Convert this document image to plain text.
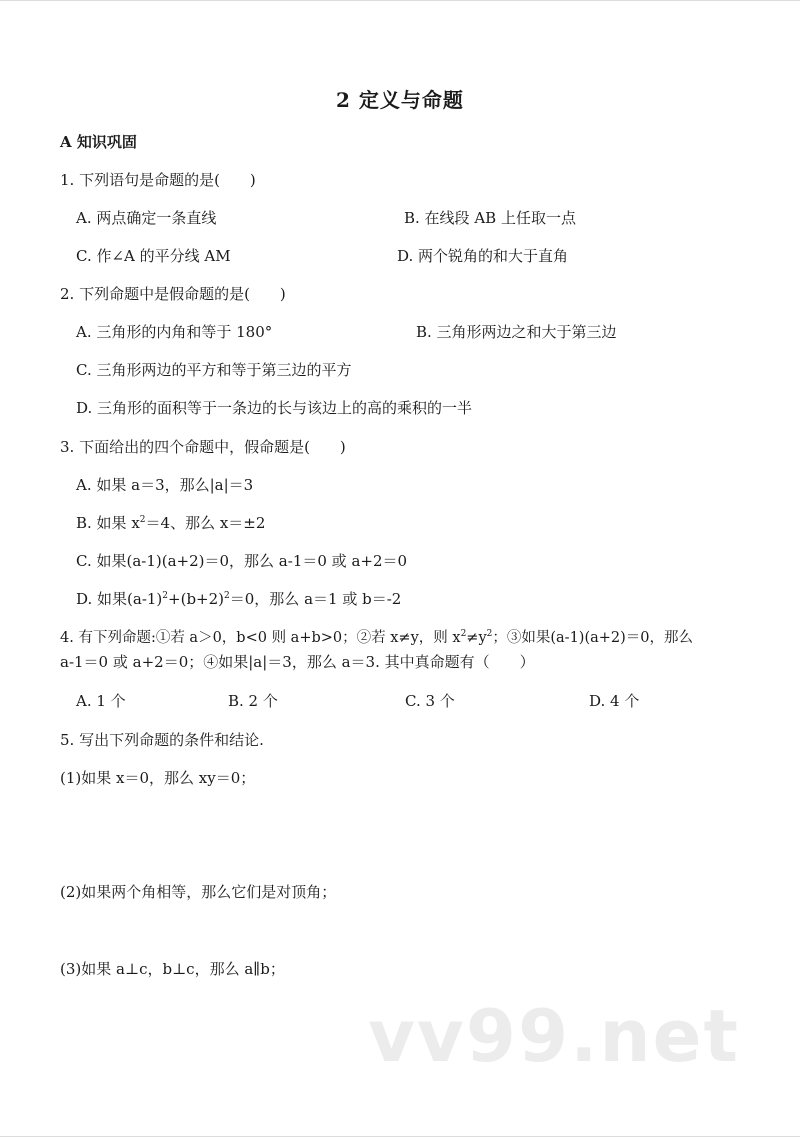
2 定义与命题
A 知识巩固
1. 下列语句是命题的是(　　)
A. 两点确定一条直线	B. 在线段 AB 上任取一点
C. 作∠A 的平分线 AM	D. 两个锐角的和大于直角
2. 下列命题中是假命题的是(　　)
A. 三角形的内角和等于 180°	B. 三角形两边之和大于第三边
C. 三角形两边的平方和等于第三边的平方
D. 三角形的面积等于一条边的长与该边上的高的乘积的一半
3. 下面给出的四个命题中，假命题是(　　)
A. 如果 a＝3，那么|a|＝3
B. 如果 $x^2=4$、那么 x＝±2
C. 如果(a-1)(a+2)＝0，那么 a-1＝0 或 a+2＝0
D. 如果$(a-1)^2+(b+2)^2=0$，那么 a＝1 或 b＝-2
4. 有下列命题:①若 a＞0，b<0 则 a+b>0；②若 x≠y，则 $x^2\ne y^2$；③如果(a-1)(a+2)＝0，那么
a-1＝0 或 a+2＝0；④如果|a|＝3，那么 a＝3. 其中真命题有（　　）
A. 1 个	B. 2 个	C. 3 个	D. 4 个
5. 写出下列命题的条件和结论.
(1)如果 x＝0，那么 xy＝0；
(2)如果两个角相等，那么它们是对顶角；
(3)如果 a⊥c，b⊥c，那么 a∥b；
vv99.net
